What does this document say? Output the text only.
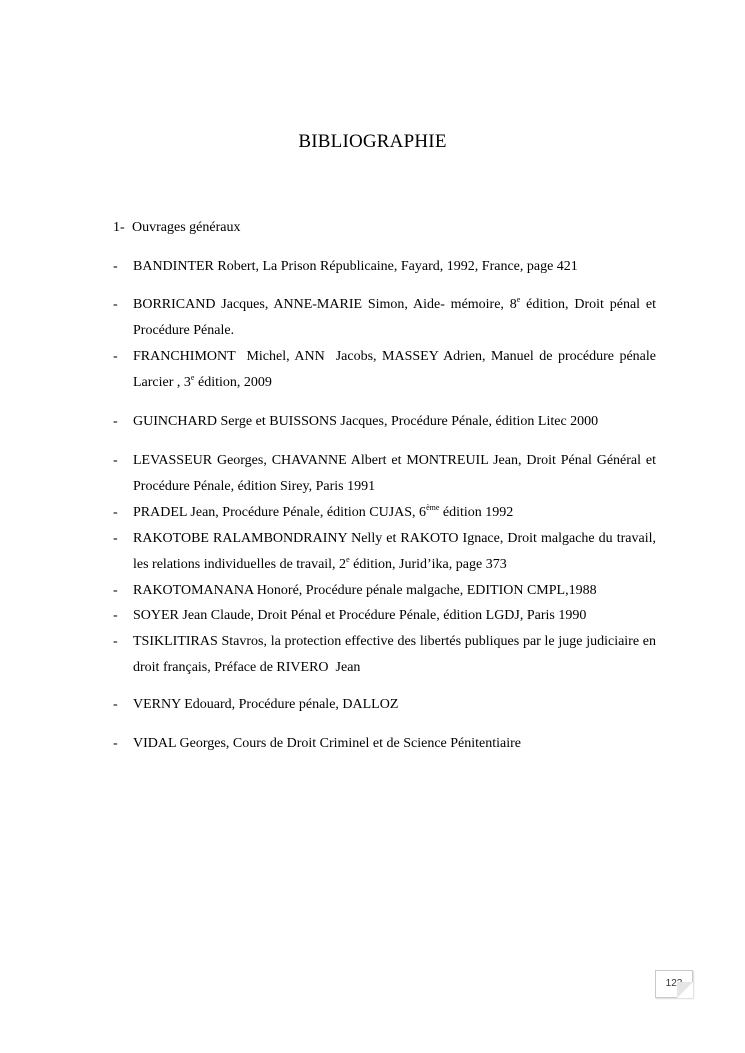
BIBLIOGRAPHIE
1- Ouvrages généraux
- BANDINTER Robert, La Prison Républicaine, Fayard, 1992, France, page 421
- BORRICAND Jacques, ANNE-MARIE Simon, Aide- mémoire, 8e édition, Droit pénal et Procédure Pénale.
- FRANCHIMONT  Michel, ANN  Jacobs, MASSEY Adrien, Manuel de procédure pénale Larcier , 3e édition, 2009
- GUINCHARD Serge et BUISSONS Jacques, Procédure Pénale, édition Litec 2000
- LEVASSEUR Georges, CHAVANNE Albert et MONTREUIL Jean, Droit Pénal Général et Procédure Pénale, édition Sirey, Paris 1991
- PRADEL Jean, Procédure Pénale, édition CUJAS, 6ème édition 1992
- RAKOTOBE RALAMBONDRAINY Nelly et RAKOTO Ignace, Droit malgache du travail, les relations individuelles de travail, 2e édition, Jurid’ika, page 373
- RAKOTOMANANA Honoré, Procédure pénale malgache, EDITION CMPL,1988
- SOYER Jean Claude, Droit Pénal et Procédure Pénale, édition LGDJ, Paris 1990
- TSIKLITIRAS Stavros, la protection effective des libertés publiques par le juge judiciaire en droit français, Préface de RIVERO  Jean
- VERNY Edouard, Procédure pénale, DALLOZ
- VIDAL Georges, Cours de Droit Criminel et de Science Pénitentiaire
122
